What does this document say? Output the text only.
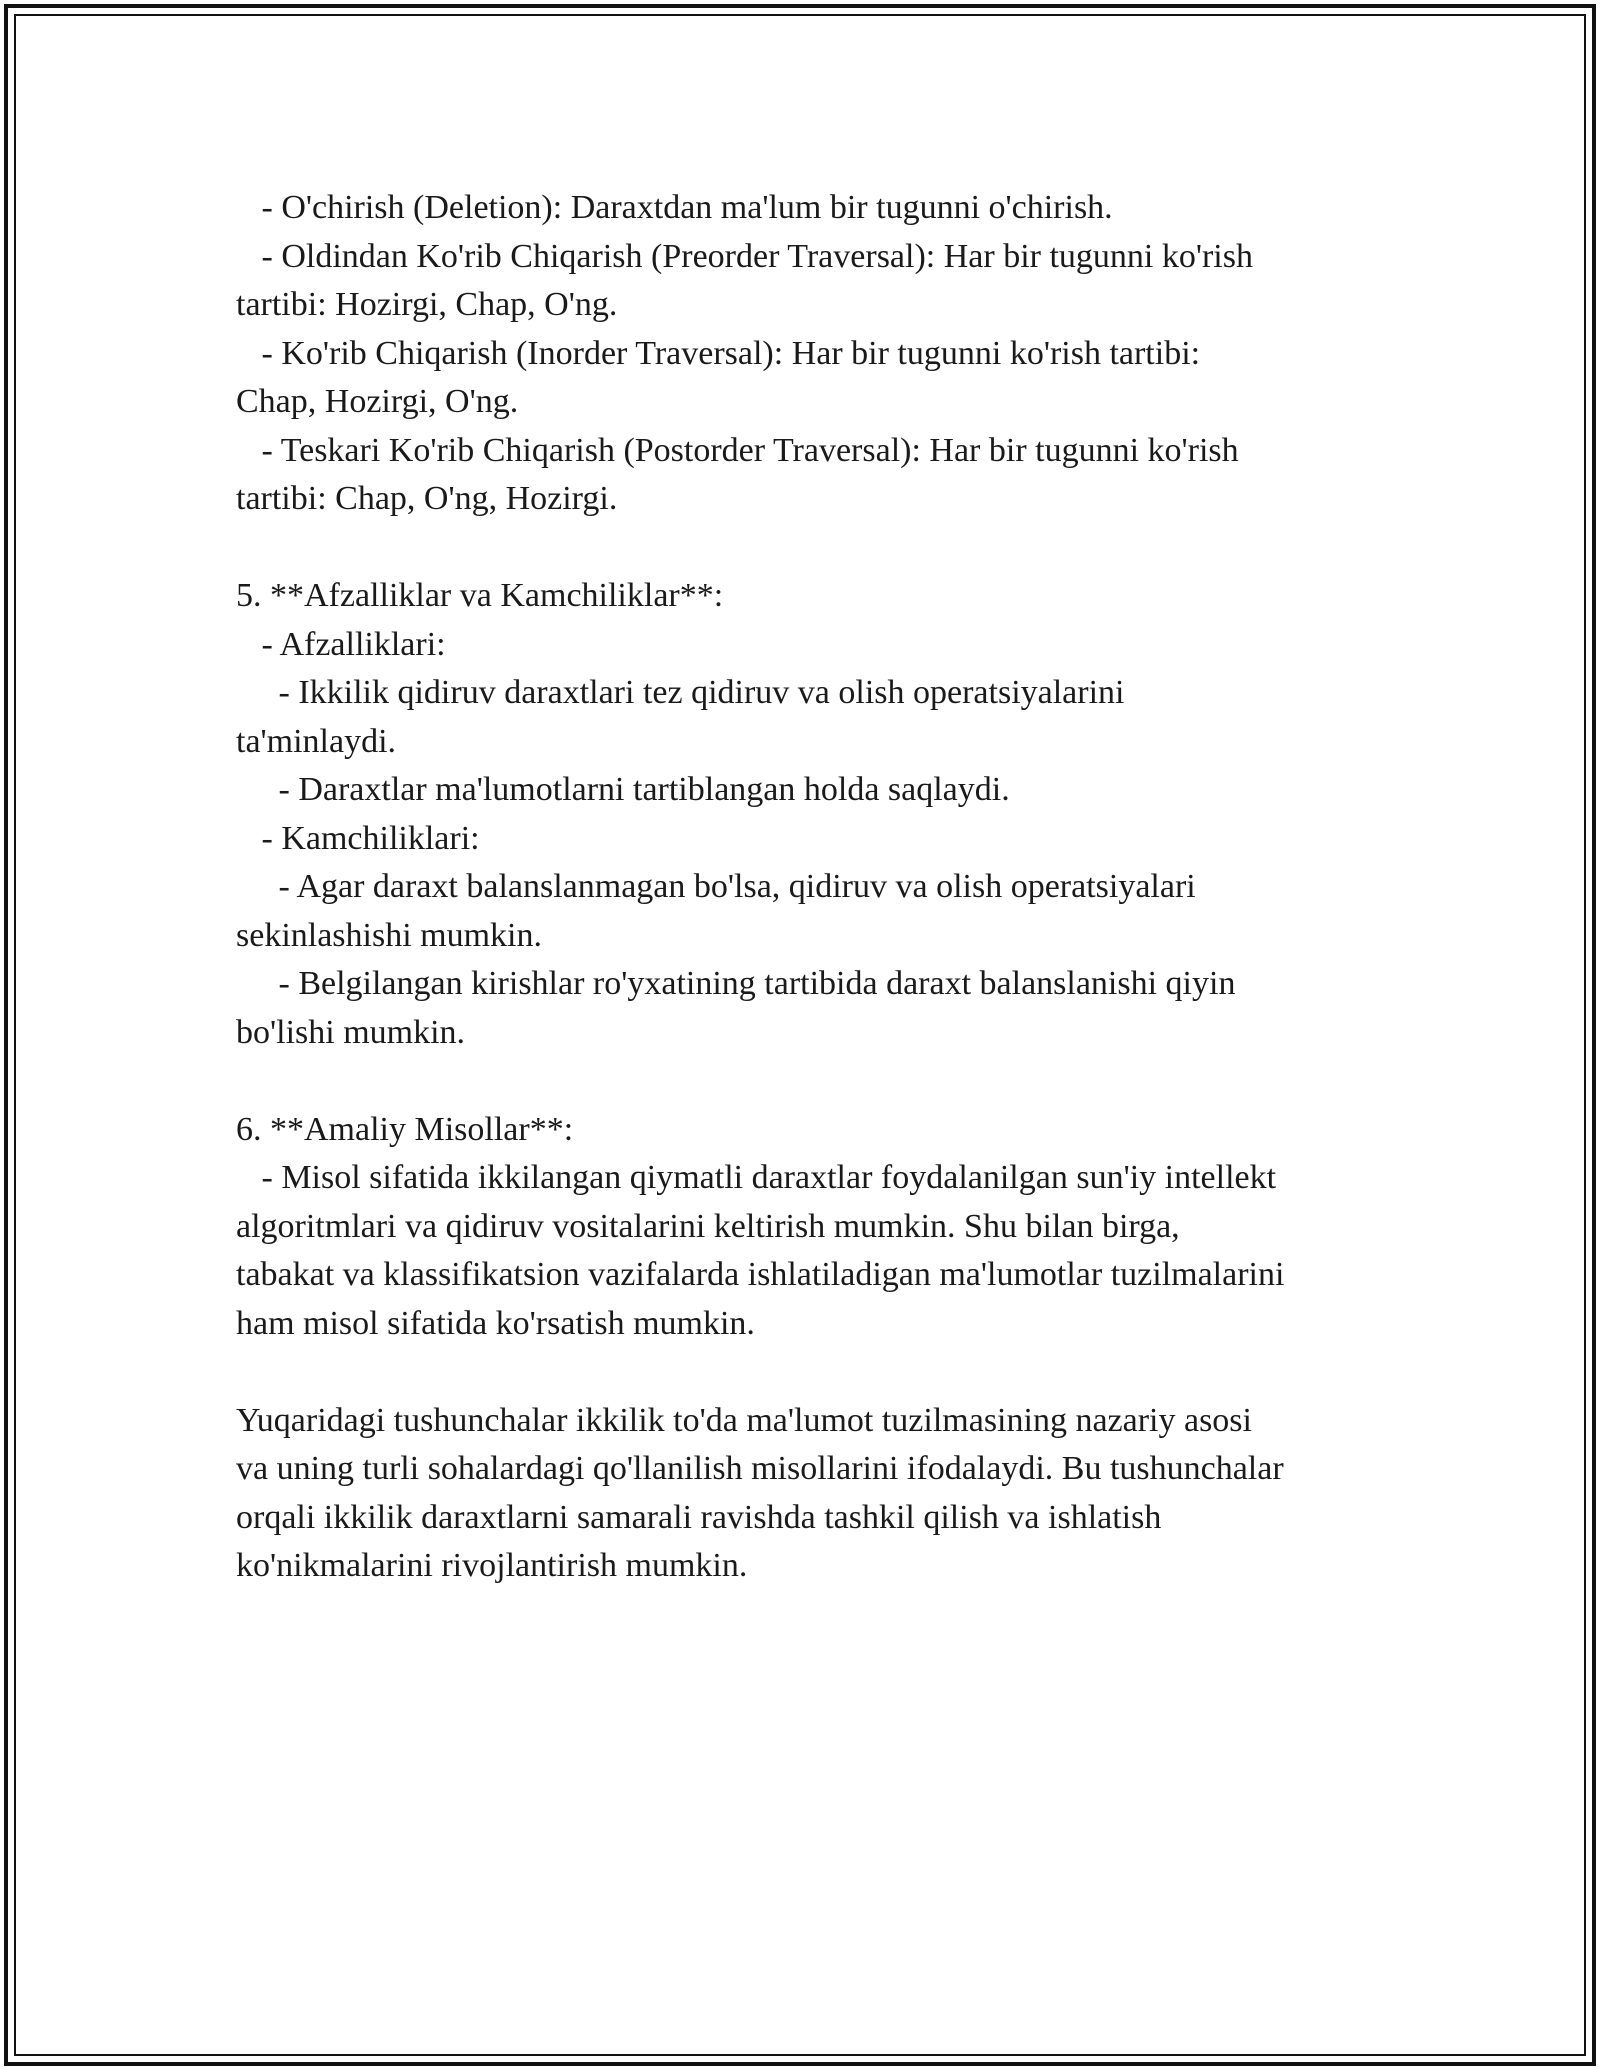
- O'chirish (Deletion): Daraxtdan ma'lum bir tugunni o'chirish.
- Oldindan Ko'rib Chiqarish (Preorder Traversal): Har bir tugunni ko'rish
tartibi: Hozirgi, Chap, O'ng.
- Ko'rib Chiqarish (Inorder Traversal): Har bir tugunni ko'rish tartibi:
Chap, Hozirgi, O'ng.
- Teskari Ko'rib Chiqarish (Postorder Traversal): Har bir tugunni ko'rish
tartibi: Chap, O'ng, Hozirgi.
5. **Afzalliklar va Kamchiliklar**:
- Afzalliklari:
- Ikkilik qidiruv daraxtlari tez qidiruv va olish operatsiyalarini
ta'minlaydi.
- Daraxtlar ma'lumotlarni tartiblangan holda saqlaydi.
- Kamchiliklari:
- Agar daraxt balanslanmagan bo'lsa, qidiruv va olish operatsiyalari
sekinlashishi mumkin.
- Belgilangan kirishlar ro'yxatining tartibida daraxt balanslanishi qiyin
bo'lishi mumkin.
6. **Amaliy Misollar**:
- Misol sifatida ikkilangan qiymatli daraxtlar foydalanilgan sun'iy intellekt
algoritmlari va qidiruv vositalarini keltirish mumkin. Shu bilan birga,
tabakat va klassifikatsion vazifalarda ishlatiladigan ma'lumotlar tuzilmalarini
ham misol sifatida ko'rsatish mumkin.
Yuqaridagi tushunchalar ikkilik to'da ma'lumot tuzilmasining nazariy asosi
va uning turli sohalardagi qo'llanilish misollarini ifodalaydi. Bu tushunchalar
orqali ikkilik daraxtlarni samarali ravishda tashkil qilish va ishlatish
ko'nikmalarini rivojlantirish mumkin.
